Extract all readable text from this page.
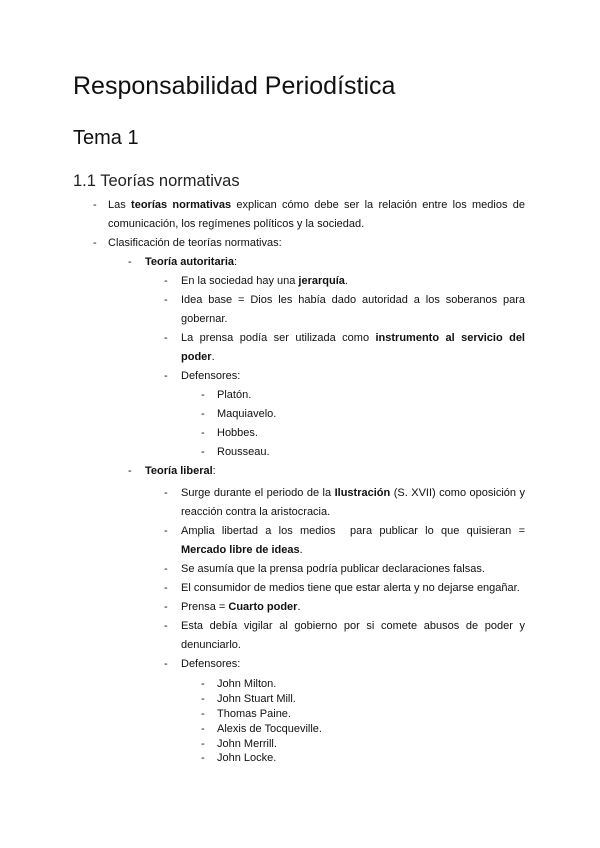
Responsabilidad Periodística
Tema 1
1.1 Teorías normativas
- Las teorías normativas explican cómo debe ser la relación entre los medios de
comunicación, los regímenes políticos y la sociedad.
- Clasificación de teorías normativas:
- Teoría autoritaria:
- En la sociedad hay una jerarquía.
- Idea base = Dios les había dado autoridad a los soberanos para
gobernar.
- La prensa podía ser utilizada como instrumento al servicio del
poder.
- Defensores:
- Platón.
- Maquiavelo.
- Hobbes.
- Rousseau.
- Teoría liberal:
- Surge durante el periodo de la Ilustración (S. XVII) como oposición y
reacción contra la aristocracia.
- Amplia libertad a los medios  para publicar lo que quisieran =
Mercado libre de ideas.
- Se asumía que la prensa podría publicar declaraciones falsas.
- El consumidor de medios tiene que estar alerta y no dejarse engañar.
- Prensa = Cuarto poder.
- Esta debía vigilar al gobierno por si comete abusos de poder y
denunciarlo.
- Defensores:
- John Milton.
- John Stuart Mill.
- Thomas Paine.
- Alexis de Tocqueville.
- John Merrill.
- John Locke.
